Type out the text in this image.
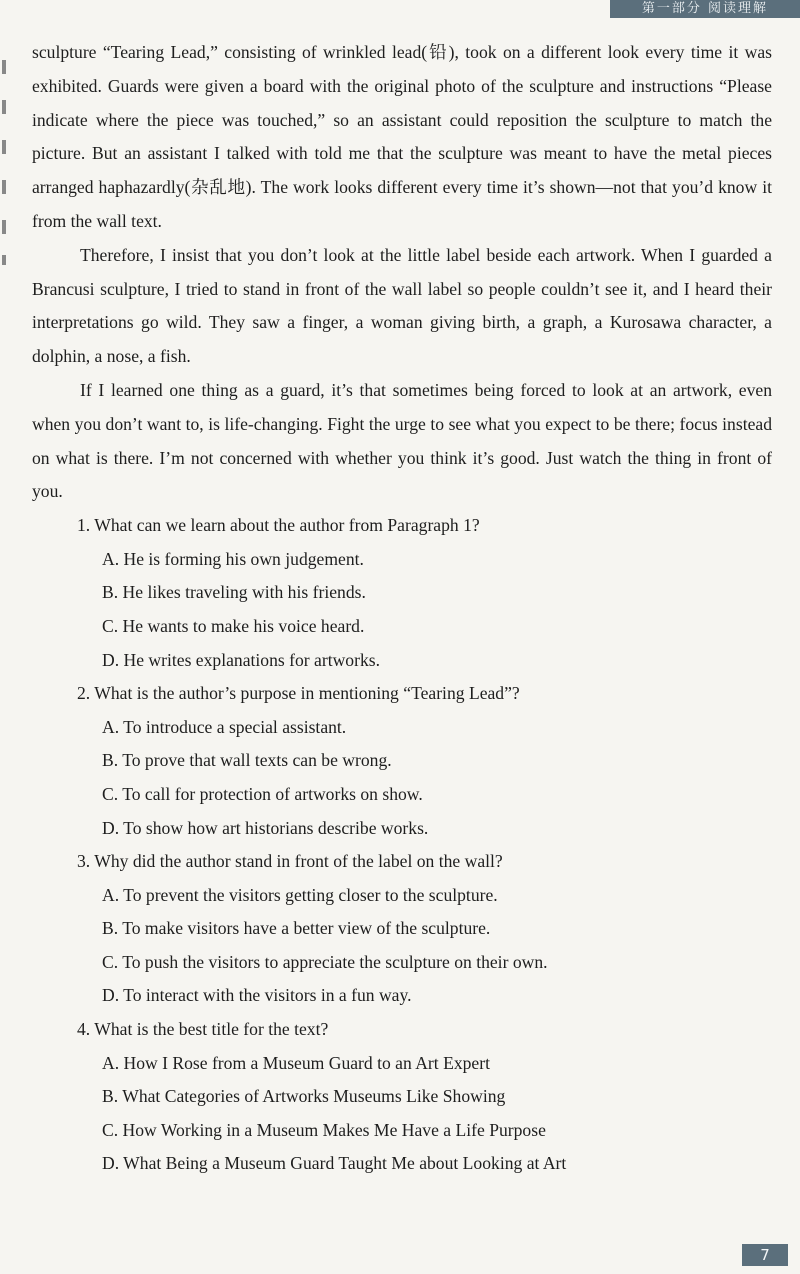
第一部分 阅读理解

sculpture “Tearing Lead,” consisting of wrinkled lead(铅), took on a different look every time it was exhibited. Guards were given a board with the original photo of the sculpture and instructions “Please indicate where the piece was touched,” so an assistant could reposition the sculpture to match the picture. But an assistant I talked with told me that the sculpture was meant to have the metal pieces arranged haphazardly(杂乱地). The work looks different every time it’s shown—not that you’d know it from the wall text.

Therefore, I insist that you don’t look at the little label beside each artwork. When I guarded a Brancusi sculpture, I tried to stand in front of the wall label so people couldn’t see it, and I heard their interpretations go wild. They saw a finger, a woman giving birth, a graph, a Kurosawa character, a dolphin, a nose, a fish.

If I learned one thing as a guard, it’s that sometimes being forced to look at an artwork, even when you don’t want to, is life-changing. Fight the urge to see what you expect to be there; focus instead on what is there. I’m not concerned with whether you think it’s good. Just watch the thing in front of you.

1. What can we learn about the author from Paragraph 1?

A. He is forming his own judgement.

B. He likes traveling with his friends.

C. He wants to make his voice heard.

D. He writes explanations for artworks.

2. What is the author’s purpose in mentioning “Tearing Lead”?

A. To introduce a special assistant.

B. To prove that wall texts can be wrong.

C. To call for protection of artworks on show.

D. To show how art historians describe works.

3. Why did the author stand in front of the label on the wall?

A. To prevent the visitors getting closer to the sculpture.

B. To make visitors have a better view of the sculpture.

C. To push the visitors to appreciate the sculpture on their own.

D. To interact with the visitors in a fun way.

4. What is the best title for the text?

A. How I Rose from a Museum Guard to an Art Expert

B. What Categories of Artworks Museums Like Showing

C. How Working in a Museum Makes Me Have a Life Purpose

D. What Being a Museum Guard Taught Me about Looking at Art

7
